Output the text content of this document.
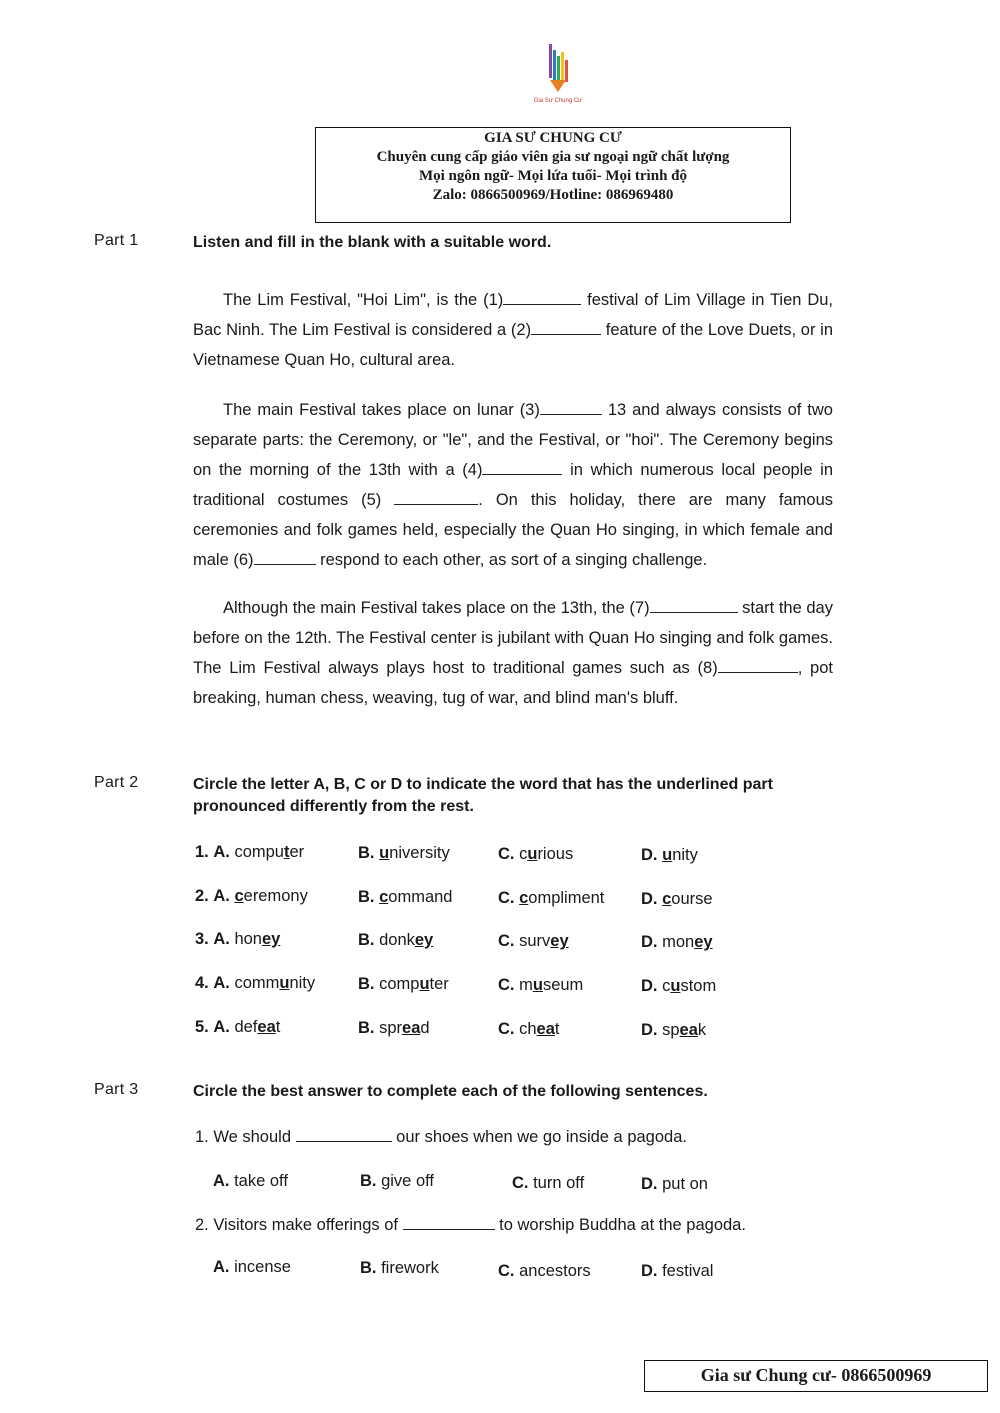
Gia Sư Chung Cư
GIA SƯ CHUNG CƯ
Chuyên cung cấp giáo viên gia sư ngoại ngữ chất lượng
Mọi ngôn ngữ- Mọi lứa tuổi- Mọi trình độ
Zalo: 0866500969/Hotline: 086969480
Part 1	Listen and fill in the blank with a suitable word.

The Lim Festival, "Hoi Lim", is the (1)	festival of Lim Village in Tien Du, Bac Ninh. The Lim Festival is considered a (2)	feature of the Love Duets, or in Vietnamese Quan Ho, cultural area.

The main Festival takes place on lunar (3)	13 and always consists of two separate parts: the Ceremony, or "le", and the Festival, or "hoi". The Ceremony begins on the morning of the 13th with a (4)	in which numerous local people in traditional costumes (5)	. On this holiday, there are many famous ceremonies and folk games held, especially the Quan Ho singing, in which female and male (6)	respond to each other, as sort of a singing challenge.

Although the main Festival takes place on the 13th, the (7)	start the day before on the 12th. The Festival center is jubilant with Quan Ho singing and folk games. The Lim Festival always plays host to traditional games such as (8)	, pot breaking, human chess, weaving, tug of war, and blind man's bluff.

Part 2	Circle the letter A, B, C or D to indicate the word that has the underlined part pronounced differently from the rest.
1. A. computer	B. university	C. curious	D. unity
2. A. ceremony	B. command	C. compliment D. course
3. A. honey	B. donkey	C. survey	D. money
4. A. community	B. computer	C. museum	D. custom
5. A. defeat	B. spread	C. cheat	D. speak
Part 3	Circle the best answer to complete each of the following sentences.
1. We should	our shoes when we go inside a pagoda.
A. take off	B. give off	C. turn off	D. put on
2. Visitors make offerings of	to worship Buddha at the pagoda.
A. incense	B. firework	C. ancestors	D. festival
Gia sư Chung cư- 0866500969
